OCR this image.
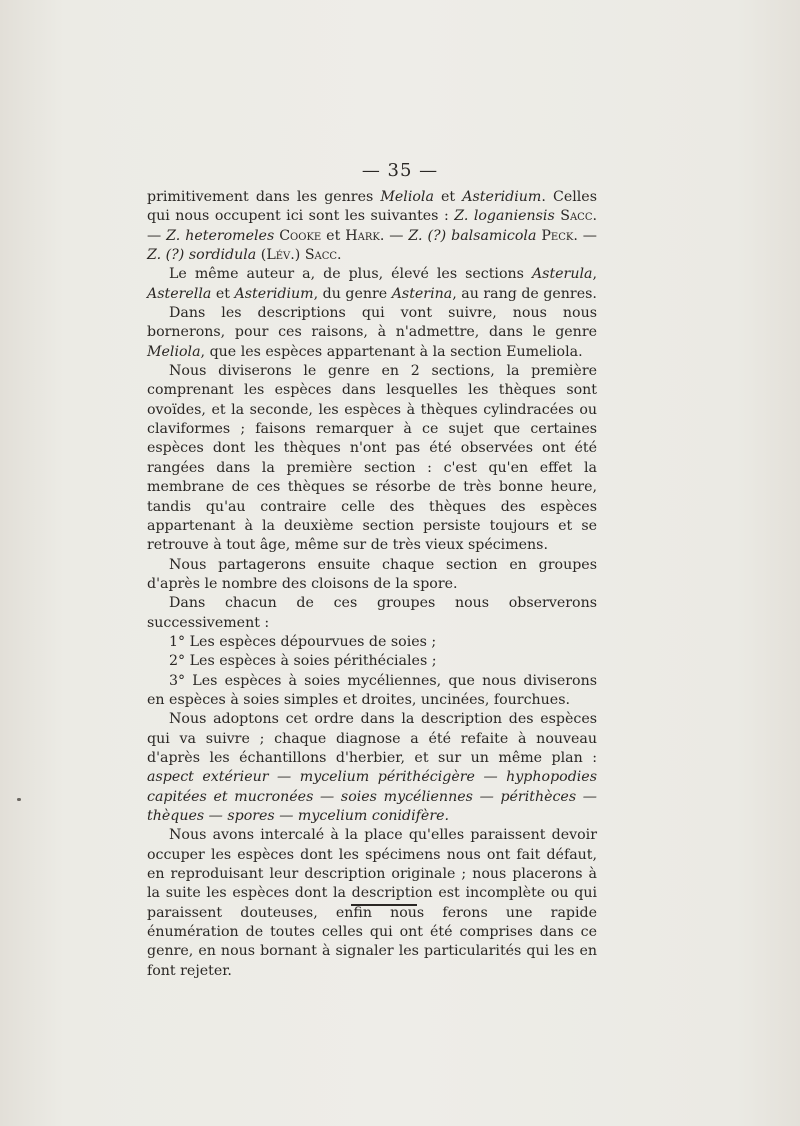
— 35 —

primitivement dans les genres Meliola et Asteridium. Celles qui nous occupent ici sont les suivantes : Z. loganiensis Sacc. — Z. heteromeles Cooke et Hark. — Z. (?) balsamicola Peck. — Z. (?) sordidula (Lév.) Sacc.

Le même auteur a, de plus, élevé les sections Asterula, Asterella et Asteridium, du genre Asterina, au rang de genres.

Dans les descriptions qui vont suivre, nous nous bornerons, pour ces raisons, à n'admettre, dans le genre Meliola, que les espèces appartenant à la section Eumeliola.

Nous diviserons le genre en 2 sections, la première comprenant les espèces dans lesquelles les thèques sont ovoïdes, et la seconde, les espèces à thèques cylindracées ou claviformes ; faisons remarquer à ce sujet que certaines espèces dont les thèques n'ont pas été observées ont été rangées dans la première section : c'est qu'en effet la membrane de ces thèques se résorbe de très bonne heure, tandis qu'au contraire celle des thèques des espèces appartenant à la deuxième section persiste toujours et se retrouve à tout âge, même sur de très vieux spécimens.

Nous partagerons ensuite chaque section en groupes d'après le nombre des cloisons de la spore.

Dans chacun de ces groupes nous observerons successivement :

1° Les espèces dépourvues de soies ;

2° Les espèces à soies périthéciales ;

3° Les espèces à soies mycéliennes, que nous diviserons en espèces à soies simples et droites, uncinées, fourchues.

Nous adoptons cet ordre dans la description des espèces qui va suivre ; chaque diagnose a été refaite à nouveau d'après les échantillons d'herbier, et sur un même plan : aspect extérieur — mycelium périthécigère — hyphopodies capitées et mucronées — soies mycéliennes — périthèces — thèques — spores — mycelium conidifère.

Nous avons intercalé à la place qu'elles paraissent devoir occuper les espèces dont les spécimens nous ont fait défaut, en reproduisant leur description originale ; nous placerons à la suite les espèces dont la description est incomplète ou qui paraissent douteuses, enfin nous ferons une rapide énumération de toutes celles qui ont été comprises dans ce genre, en nous bornant à signaler les particularités qui les en font rejeter.
